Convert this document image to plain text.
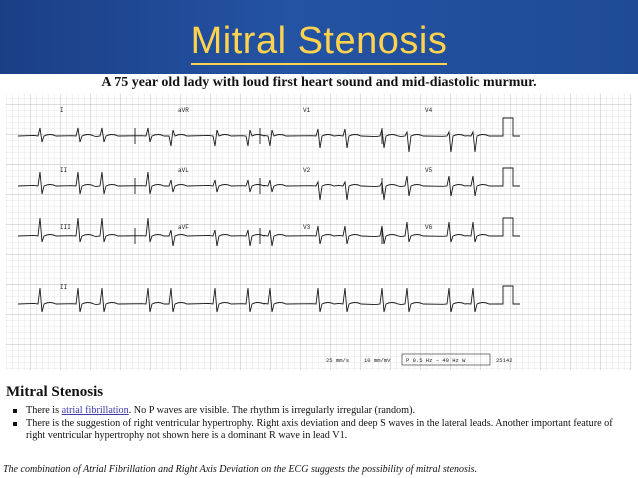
Mitral Stenosis
A 75 year old lady with loud first heart sound and mid-diastolic murmur.
I	aVR	V1	V4
II	aVL	V2	V5
III	aVF	V3	V6
II
25 mm/s	10 mm/mV	P 0.5 Hz – 40 Hz W	25142
Mitral Stenosis
There is atrial fibrillation. No P waves are visible. The rhythm is irregularly irregular (random).
There is the suggestion of right ventricular hypertrophy. Right axis deviation and deep S waves in the lateral leads. Another important feature of right ventricular hypertrophy not shown here is a dominant R wave in lead V1.
The combination of Atrial Fibrillation and Right Axis Deviation on the ECG suggests the possibility of mitral stenosis.
